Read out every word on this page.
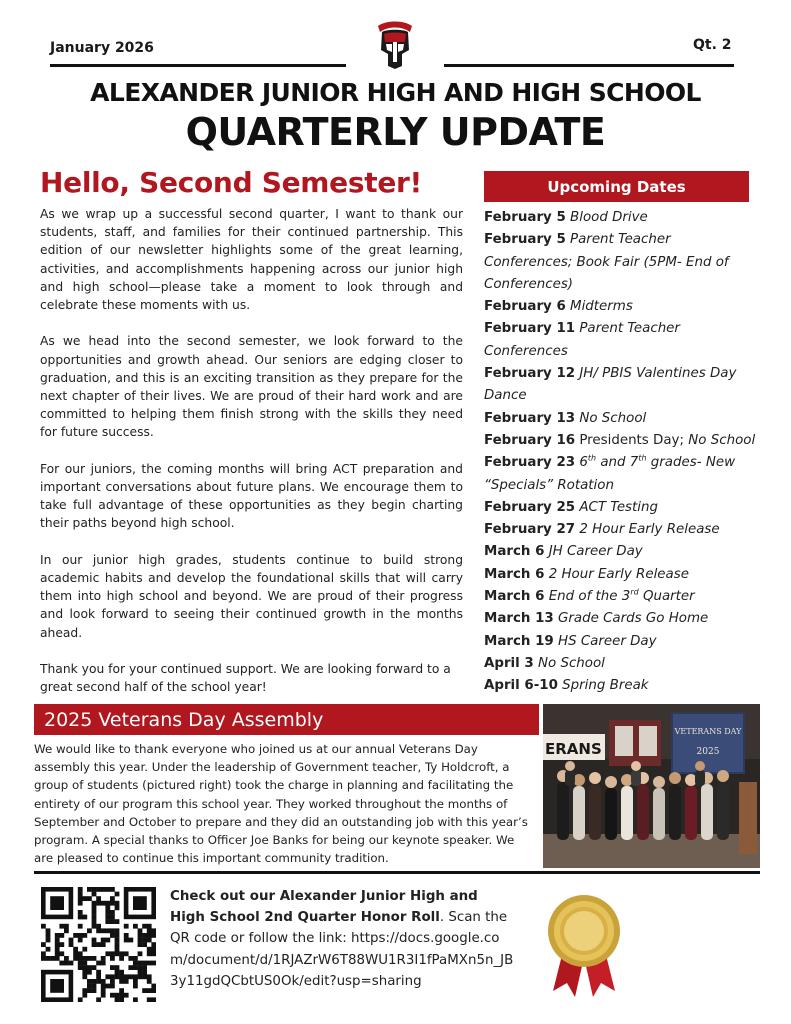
January 2026	Qt. 2
ALEXANDER JUNIOR HIGH AND HIGH SCHOOL
QUARTERLY UPDATE
Hello, Second Semester!

As we wrap up a successful second quarter, I want to thank our students, staff, and families for their continued partnership. This edition of our newsletter highlights some of the great learning, activities, and accomplishments happening across our junior high and high school—please take a moment to look through and celebrate these moments with us.

As we head into the second semester, we look forward to the opportunities and growth ahead. Our seniors are edging closer to graduation, and this is an exciting transition as they prepare for the next chapter of their lives. We are proud of their hard work and are committed to helping them finish strong with the skills they need for future success.

For our juniors, the coming months will bring ACT preparation and important conversations about future plans. We encourage them to take full advantage of these opportunities as they begin charting their paths beyond high school.

In our junior high grades, students continue to build strong academic habits and develop the foundational skills that will carry them into high school and beyond. We are proud of their progress and look forward to seeing their continued growth in the months ahead.

Thank you for your continued support. We are looking forward to a great second half of the school year!

Upcoming Dates
February 5 Blood Drive
February 5 Parent Teacher Conferences; Book Fair (5PM- End of Conferences)
February 6 Midterms
February 11 Parent Teacher Conferences
February 12 JH/ PBIS Valentines Day Dance
February 13 No School
February 16 Presidents Day; No School
February 23 6th and 7th grades- New “Specials” Rotation
February 25 ACT Testing
February 27 2 Hour Early Release
March 6 JH Career Day
March 6 2 Hour Early Release
March 6 End of the 3rd Quarter
March 13 Grade Cards Go Home
March 19 HS Career Day
April 3 No School
April 6-10 Spring Break
2025 Veterans Day Assembly
We would like to thank everyone who joined us at our annual Veterans Day assembly this year. Under the leadership of Government teacher, Ty Holdcroft, a group of students (pictured right) took the charge in planning and facilitating the entirety of our program this school year. They worked throughout the months of September and October to prepare and they did an outstanding job with this year’s program. A special thanks to Officer Joe Banks for being our keynote speaker. We are pleased to continue this important community tradition.
ERANS
VETERANS DAY
2025
Check out our Alexander Junior High and High School 2nd Quarter Honor Roll. Scan the QR code or follow the link: https://docs.google.com/document/d/1RJAZrW6T88WU1R3I1fPaMXn5n_JB3y11gdQCbtUS0Ok/edit?usp=sharing
